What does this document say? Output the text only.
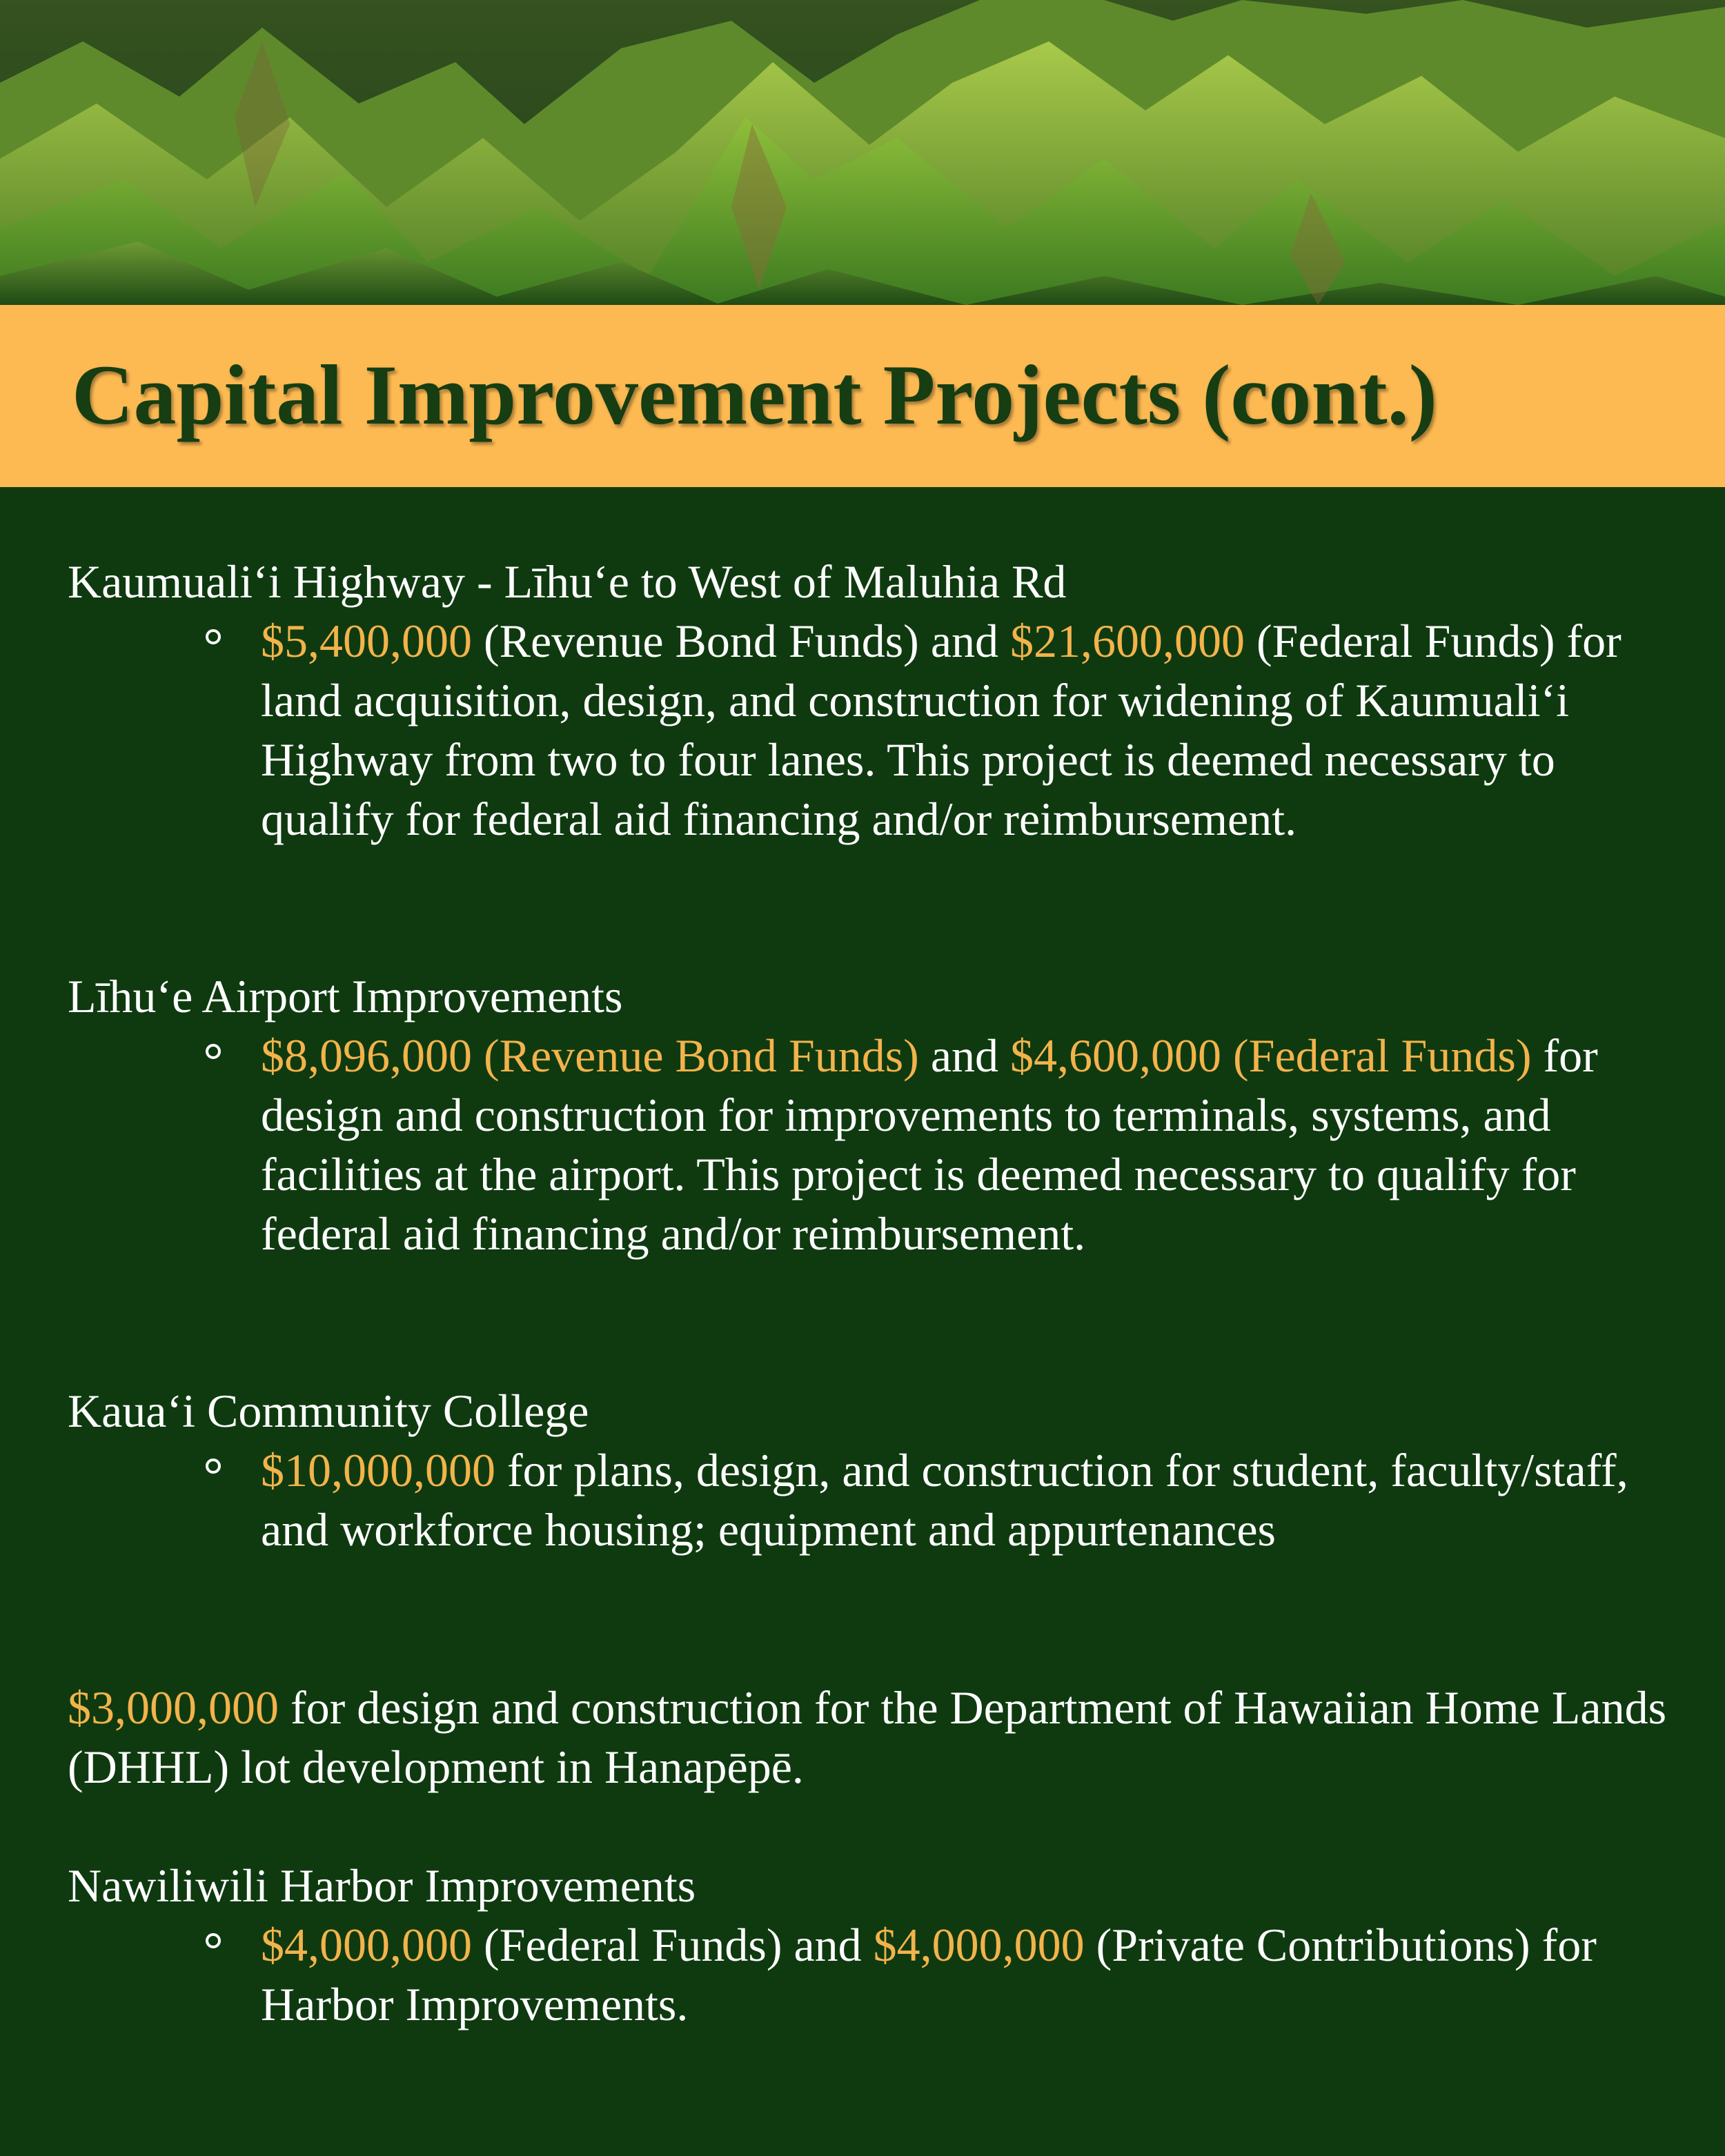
Capital Improvement Projects (cont.)

Kaumualiʻi Highway - Līhuʻe to West of Maluhia Rd

$5,400,000 (Revenue Bond Funds) and $21,600,000 (Federal Funds) for land acquisition, design, and construction for widening of Kaumualiʻi Highway from two to four lanes. This project is deemed necessary to qualify for federal aid financing and/or reimbursement.

Līhuʻe Airport Improvements

$8,096,000 (Revenue Bond Funds) and $4,600,000 (Federal Funds) for design and construction for improvements to terminals, systems, and facilities at the airport. This project is deemed necessary to qualify for federal aid financing and/or reimbursement.

Kauaʻi Community College

$10,000,000 for plans, design, and construction for student, faculty/staff, and workforce housing; equipment and appurtenances

$3,000,000 for design and construction for the Department of Hawaiian Home Lands (DHHL) lot development in Hanapēpē.

Nawiliwili Harbor Improvements

$4,000,000 (Federal Funds) and $4,000,000 (Private Contributions) for Harbor Improvements.
